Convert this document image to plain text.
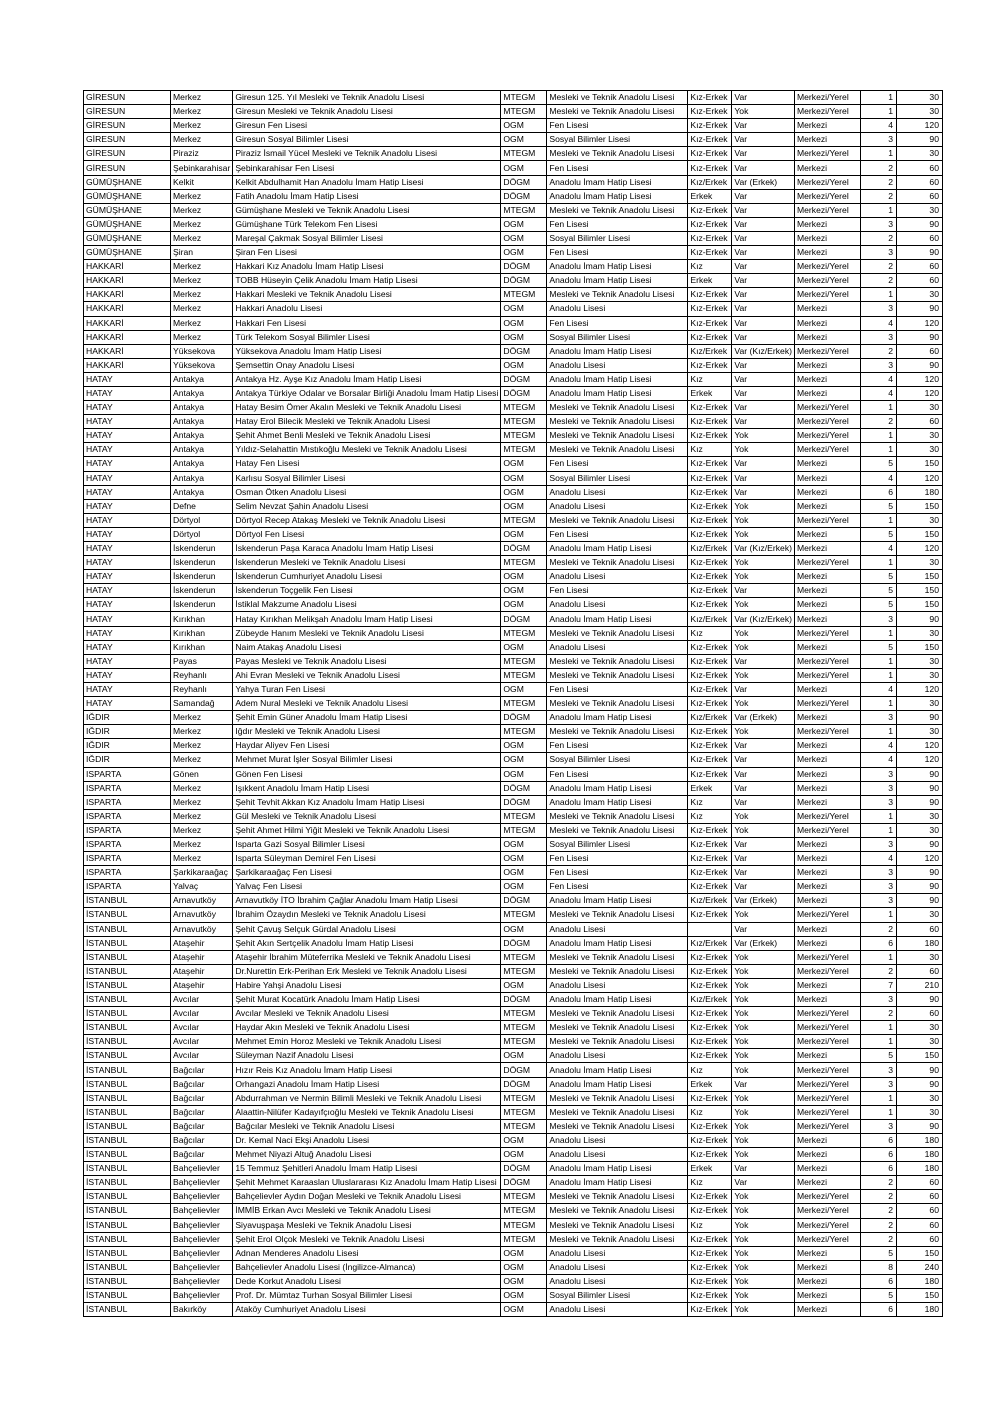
GİRESUN	Merkez	Giresun 125. Yıl Mesleki ve Teknik Anadolu Lisesi	MTEGM	Mesleki ve Teknik Anadolu Lisesi	Kız-Erkek	Var	Merkezi/Yerel	1	30
GİRESUN	Merkez	Giresun Mesleki ve Teknik Anadolu Lisesi	MTEGM	Mesleki ve Teknik Anadolu Lisesi	Kız-Erkek	Yok	Merkezi/Yerel	1	30
GİRESUN	Merkez	Giresun Fen Lisesi	OGM	Fen Lisesi	Kız-Erkek	Var	Merkezi	4	120
GİRESUN	Merkez	Giresun Sosyal Bilimler Lisesi	OGM	Sosyal Bilimler Lisesi	Kız-Erkek	Var	Merkezi	3	90
GİRESUN	Piraziz	Piraziz İsmail Yücel Mesleki ve Teknik Anadolu Lisesi	MTEGM	Mesleki ve Teknik Anadolu Lisesi	Kız-Erkek	Var	Merkezi/Yerel	1	30
GİRESUN	Şebinkarahisar	Şebinkarahisar Fen Lisesi	OGM	Fen Lisesi	Kız-Erkek	Var	Merkezi	2	60
GÜMÜŞHANE	Kelkit	Kelkit Abdulhamit Han Anadolu İmam Hatip Lisesi	DÖGM	Anadolu İmam Hatip Lisesi	Kız/Erkek	Var (Erkek)	Merkezi/Yerel	2	60
GÜMÜŞHANE	Merkez	Fatih Anadolu İmam Hatip Lisesi	DÖGM	Anadolu İmam Hatip Lisesi	Erkek	Var	Merkezi/Yerel	2	60
GÜMÜŞHANE	Merkez	Gümüşhane Mesleki ve Teknik Anadolu Lisesi	MTEGM	Mesleki ve Teknik Anadolu Lisesi	Kız-Erkek	Var	Merkezi/Yerel	1	30
GÜMÜŞHANE	Merkez	Gümüşhane Türk Telekom Fen Lisesi	OGM	Fen Lisesi	Kız-Erkek	Var	Merkezi	3	90
GÜMÜŞHANE	Merkez	Mareşal Çakmak Sosyal Bilimler Lisesi	OGM	Sosyal Bilimler Lisesi	Kız-Erkek	Var	Merkezi	2	60
GÜMÜŞHANE	Şiran	Şiran Fen Lisesi	OGM	Fen Lisesi	Kız-Erkek	Var	Merkezi	3	90
HAKKARİ	Merkez	Hakkari Kız Anadolu İmam Hatip Lisesi	DÖGM	Anadolu İmam Hatip Lisesi	Kız	Var	Merkezi/Yerel	2	60
HAKKARİ	Merkez	TOBB Hüseyin Çelik Anadolu İmam Hatip Lisesi	DÖGM	Anadolu İmam Hatip Lisesi	Erkek	Var	Merkezi/Yerel	2	60
HAKKARİ	Merkez	Hakkari Mesleki ve Teknik Anadolu Lisesi	MTEGM	Mesleki ve Teknik Anadolu Lisesi	Kız-Erkek	Var	Merkezi/Yerel	1	30
HAKKARİ	Merkez	Hakkari Anadolu Lisesi	OGM	Anadolu Lisesi	Kız-Erkek	Var	Merkezi	3	90
HAKKARİ	Merkez	Hakkari Fen Lisesi	OGM	Fen Lisesi	Kız-Erkek	Var	Merkezi	4	120
HAKKARİ	Merkez	Türk Telekom Sosyal Bilimler Lisesi	OGM	Sosyal Bilimler Lisesi	Kız-Erkek	Var	Merkezi	3	90
HAKKARİ	Yüksekova	Yüksekova Anadolu İmam Hatip Lisesi	DÖGM	Anadolu İmam Hatip Lisesi	Kız/Erkek	Var (Kız/Erkek)	Merkezi/Yerel	2	60
HAKKARİ	Yüksekova	Şemsettin Onay Anadolu Lisesi	OGM	Anadolu Lisesi	Kız-Erkek	Var	Merkezi	3	90
HATAY	Antakya	Antakya Hz. Ayşe Kız Anadolu İmam Hatip Lisesi	DÖGM	Anadolu İmam Hatip Lisesi	Kız	Var	Merkezi	4	120
HATAY	Antakya	Antakya Türkiye Odalar ve Borsalar Birliği Anadolu İmam Hatip Lisesi	DÖGM	Anadolu İmam Hatip Lisesi	Erkek	Var	Merkezi	4	120
HATAY	Antakya	Hatay Besim Ömer Akalın Mesleki ve Teknik Anadolu Lisesi	MTEGM	Mesleki ve Teknik Anadolu Lisesi	Kız-Erkek	Var	Merkezi/Yerel	1	30
HATAY	Antakya	Hatay Erol Bilecik Mesleki ve Teknik Anadolu Lisesi	MTEGM	Mesleki ve Teknik Anadolu Lisesi	Kız-Erkek	Var	Merkezi/Yerel	2	60
HATAY	Antakya	Şehit Ahmet Benli Mesleki ve Teknik Anadolu Lisesi	MTEGM	Mesleki ve Teknik Anadolu Lisesi	Kız-Erkek	Yok	Merkezi/Yerel	1	30
HATAY	Antakya	Yıldız-Selahattin Mıstıkoğlu Mesleki ve Teknik Anadolu Lisesi	MTEGM	Mesleki ve Teknik Anadolu Lisesi	Kız	Yok	Merkezi/Yerel	1	30
HATAY	Antakya	Hatay Fen Lisesi	OGM	Fen Lisesi	Kız-Erkek	Var	Merkezi	5	150
HATAY	Antakya	Karlısu Sosyal Bilimler Lisesi	OGM	Sosyal Bilimler Lisesi	Kız-Erkek	Var	Merkezi	4	120
HATAY	Antakya	Osman Ötken Anadolu Lisesi	OGM	Anadolu Lisesi	Kız-Erkek	Var	Merkezi	6	180
HATAY	Defne	Selim Nevzat Şahin Anadolu Lisesi	OGM	Anadolu Lisesi	Kız-Erkek	Yok	Merkezi	5	150
HATAY	Dörtyol	Dörtyol Recep Atakaş Mesleki ve Teknik Anadolu Lisesi	MTEGM	Mesleki ve Teknik Anadolu Lisesi	Kız-Erkek	Yok	Merkezi/Yerel	1	30
HATAY	Dörtyol	Dörtyol Fen Lisesi	OGM	Fen Lisesi	Kız-Erkek	Yok	Merkezi	5	150
HATAY	İskenderun	İskenderun Paşa Karaca Anadolu İmam Hatip Lisesi	DÖGM	Anadolu İmam Hatip Lisesi	Kız/Erkek	Var (Kız/Erkek)	Merkezi	4	120
HATAY	İskenderun	İskenderun Mesleki ve Teknik Anadolu Lisesi	MTEGM	Mesleki ve Teknik Anadolu Lisesi	Kız-Erkek	Yok	Merkezi/Yerel	1	30
HATAY	İskenderun	İskenderun Cumhuriyet Anadolu Lisesi	OGM	Anadolu Lisesi	Kız-Erkek	Yok	Merkezi	5	150
HATAY	İskenderun	İskenderun Toçgelik Fen Lisesi	OGM	Fen Lisesi	Kız-Erkek	Var	Merkezi	5	150
HATAY	İskenderun	İstiklal Makzume Anadolu Lisesi	OGM	Anadolu Lisesi	Kız-Erkek	Yok	Merkezi	5	150
HATAY	Kırıkhan	Hatay Kırıkhan Melikşah Anadolu İmam Hatip Lisesi	DÖGM	Anadolu İmam Hatip Lisesi	Kız/Erkek	Var (Kız/Erkek)	Merkezi	3	90
HATAY	Kırıkhan	Zübeyde Hanım Mesleki ve Teknik Anadolu Lisesi	MTEGM	Mesleki ve Teknik Anadolu Lisesi	Kız	Yok	Merkezi/Yerel	1	30
HATAY	Kırıkhan	Naim Atakaş Anadolu Lisesi	OGM	Anadolu Lisesi	Kız-Erkek	Yok	Merkezi	5	150
HATAY	Payas	Payas Mesleki ve Teknik Anadolu Lisesi	MTEGM	Mesleki ve Teknik Anadolu Lisesi	Kız-Erkek	Var	Merkezi/Yerel	1	30
HATAY	Reyhanlı	Ahi Evran Mesleki ve Teknik Anadolu Lisesi	MTEGM	Mesleki ve Teknik Anadolu Lisesi	Kız-Erkek	Yok	Merkezi/Yerel	1	30
HATAY	Reyhanlı	Yahya Turan Fen Lisesi	OGM	Fen Lisesi	Kız-Erkek	Var	Merkezi	4	120
HATAY	Samandağ	Adem Nural Mesleki ve Teknik Anadolu Lisesi	MTEGM	Mesleki ve Teknik Anadolu Lisesi	Kız-Erkek	Yok	Merkezi/Yerel	1	30
IĞDIR	Merkez	Şehit Emin Güner Anadolu İmam Hatip Lisesi	DÖGM	Anadolu İmam Hatip Lisesi	Kız/Erkek	Var (Erkek)	Merkezi	3	90
IĞDIR	Merkez	Iğdır Mesleki ve Teknik Anadolu Lisesi	MTEGM	Mesleki ve Teknik Anadolu Lisesi	Kız-Erkek	Yok	Merkezi/Yerel	1	30
IĞDIR	Merkez	Haydar Aliyev Fen Lisesi	OGM	Fen Lisesi	Kız-Erkek	Var	Merkezi	4	120
IĞDIR	Merkez	Mehmet Murat İşler Sosyal Bilimler Lisesi	OGM	Sosyal Bilimler Lisesi	Kız-Erkek	Var	Merkezi	4	120
ISPARTA	Gönen	Gönen Fen Lisesi	OGM	Fen Lisesi	Kız-Erkek	Var	Merkezi	3	90
ISPARTA	Merkez	Işıkkent Anadolu İmam Hatip Lisesi	DÖGM	Anadolu İmam Hatip Lisesi	Erkek	Var	Merkezi	3	90
ISPARTA	Merkez	Şehit Tevhit Akkan Kız Anadolu İmam Hatip Lisesi	DÖGM	Anadolu İmam Hatip Lisesi	Kız	Var	Merkezi	3	90
ISPARTA	Merkez	Gül Mesleki ve Teknik Anadolu Lisesi	MTEGM	Mesleki ve Teknik Anadolu Lisesi	Kız	Yok	Merkezi/Yerel	1	30
ISPARTA	Merkez	Şehit Ahmet Hilmi Yiğit Mesleki ve Teknik Anadolu Lisesi	MTEGM	Mesleki ve Teknik Anadolu Lisesi	Kız-Erkek	Yok	Merkezi/Yerel	1	30
ISPARTA	Merkez	Isparta Gazi Sosyal Bilimler Lisesi	OGM	Sosyal Bilimler Lisesi	Kız-Erkek	Var	Merkezi	3	90
ISPARTA	Merkez	Isparta Süleyman Demirel Fen Lisesi	OGM	Fen Lisesi	Kız-Erkek	Var	Merkezi	4	120
ISPARTA	Şarkikaraağaç	Şarkikaraağaç Fen Lisesi	OGM	Fen Lisesi	Kız-Erkek	Var	Merkezi	3	90
ISPARTA	Yalvaç	Yalvaç Fen Lisesi	OGM	Fen Lisesi	Kız-Erkek	Var	Merkezi	3	90
İSTANBUL	Arnavutköy	Arnavutköy İTO İbrahim Çağlar Anadolu İmam Hatip Lisesi	DÖGM	Anadolu İmam Hatip Lisesi	Kız/Erkek	Var (Erkek)	Merkezi	3	90
İSTANBUL	Arnavutköy	İbrahim Özaydın Mesleki ve Teknik Anadolu Lisesi	MTEGM	Mesleki ve Teknik Anadolu Lisesi	Kız-Erkek	Yok	Merkezi/Yerel	1	30
İSTANBUL	Arnavutköy	Şehit Çavuş Selçuk Gürdal Anadolu Lisesi	OGM	Anadolu Lisesi		Var	Merkezi	2	60
İSTANBUL	Ataşehir	Şehit Akın Sertçelik Anadolu İmam Hatip Lisesi	DÖGM	Anadolu İmam Hatip Lisesi	Kız/Erkek	Var (Erkek)	Merkezi	6	180
İSTANBUL	Ataşehir	Ataşehir İbrahim Müteferrika Mesleki ve Teknik Anadolu Lisesi	MTEGM	Mesleki ve Teknik Anadolu Lisesi	Kız-Erkek	Yok	Merkezi/Yerel	1	30
İSTANBUL	Ataşehir	Dr.Nurettin Erk-Perihan Erk Mesleki ve Teknik Anadolu Lisesi	MTEGM	Mesleki ve Teknik Anadolu Lisesi	Kız-Erkek	Yok	Merkezi/Yerel	2	60
İSTANBUL	Ataşehir	Habire Yahşi Anadolu Lisesi	OGM	Anadolu Lisesi	Kız-Erkek	Yok	Merkezi	7	210
İSTANBUL	Avcılar	Şehit Murat Kocatürk Anadolu İmam Hatip Lisesi	DÖGM	Anadolu İmam Hatip Lisesi	Kız/Erkek	Yok	Merkezi	3	90
İSTANBUL	Avcılar	Avcılar Mesleki ve Teknik Anadolu Lisesi	MTEGM	Mesleki ve Teknik Anadolu Lisesi	Kız-Erkek	Yok	Merkezi/Yerel	2	60
İSTANBUL	Avcılar	Haydar Akın Mesleki ve Teknik Anadolu Lisesi	MTEGM	Mesleki ve Teknik Anadolu Lisesi	Kız-Erkek	Yok	Merkezi/Yerel	1	30
İSTANBUL	Avcılar	Mehmet Emin Horoz Mesleki ve Teknik Anadolu Lisesi	MTEGM	Mesleki ve Teknik Anadolu Lisesi	Kız-Erkek	Yok	Merkezi/Yerel	1	30
İSTANBUL	Avcılar	Süleyman Nazif Anadolu Lisesi	OGM	Anadolu Lisesi	Kız-Erkek	Yok	Merkezi	5	150
İSTANBUL	Bağcılar	Hızır Reis Kız Anadolu İmam Hatip Lisesi	DÖGM	Anadolu İmam Hatip Lisesi	Kız	Yok	Merkezi/Yerel	3	90
İSTANBUL	Bağcılar	Orhangazi Anadolu İmam Hatip Lisesi	DÖGM	Anadolu İmam Hatip Lisesi	Erkek	Var	Merkezi/Yerel	3	90
İSTANBUL	Bağcılar	Abdurrahman ve Nermin Bilimli Mesleki ve Teknik Anadolu Lisesi	MTEGM	Mesleki ve Teknik Anadolu Lisesi	Kız-Erkek	Yok	Merkezi/Yerel	1	30
İSTANBUL	Bağcılar	Alaattin-Nilüfer Kadayıfçıoğlu Mesleki ve Teknik Anadolu Lisesi	MTEGM	Mesleki ve Teknik Anadolu Lisesi	Kız	Yok	Merkezi/Yerel	1	30
İSTANBUL	Bağcılar	Bağcılar Mesleki ve Teknik Anadolu Lisesi	MTEGM	Mesleki ve Teknik Anadolu Lisesi	Kız-Erkek	Yok	Merkezi/Yerel	3	90
İSTANBUL	Bağcılar	Dr. Kemal Naci Ekşi Anadolu Lisesi	OGM	Anadolu Lisesi	Kız-Erkek	Yok	Merkezi	6	180
İSTANBUL	Bağcılar	Mehmet Niyazi Altuğ Anadolu Lisesi	OGM	Anadolu Lisesi	Kız-Erkek	Yok	Merkezi	6	180
İSTANBUL	Bahçelievler	15 Temmuz Şehitleri Anadolu İmam Hatip Lisesi	DÖGM	Anadolu İmam Hatip Lisesi	Erkek	Var	Merkezi	6	180
İSTANBUL	Bahçelievler	Şehit Mehmet Karaaslan Uluslararası Kız Anadolu İmam Hatip Lisesi	DÖGM	Anadolu İmam Hatip Lisesi	Kız	Var	Merkezi	2	60
İSTANBUL	Bahçelievler	Bahçelievler Aydın Doğan Mesleki ve Teknik Anadolu Lisesi	MTEGM	Mesleki ve Teknik Anadolu Lisesi	Kız-Erkek	Yok	Merkezi/Yerel	2	60
İSTANBUL	Bahçelievler	İMMİB Erkan Avcı Mesleki ve Teknik Anadolu Lisesi	MTEGM	Mesleki ve Teknik Anadolu Lisesi	Kız-Erkek	Yok	Merkezi/Yerel	2	60
İSTANBUL	Bahçelievler	Siyavuşpaşa Mesleki ve Teknik Anadolu Lisesi	MTEGM	Mesleki ve Teknik Anadolu Lisesi	Kız	Yok	Merkezi/Yerel	2	60
İSTANBUL	Bahçelievler	Şehit Erol Olçok Mesleki ve Teknik Anadolu Lisesi	MTEGM	Mesleki ve Teknik Anadolu Lisesi	Kız-Erkek	Yok	Merkezi/Yerel	2	60
İSTANBUL	Bahçelievler	Adnan Menderes Anadolu Lisesi	OGM	Anadolu Lisesi	Kız-Erkek	Yok	Merkezi	5	150
İSTANBUL	Bahçelievler	Bahçelievler Anadolu Lisesi (İngilizce-Almanca)	OGM	Anadolu Lisesi	Kız-Erkek	Yok	Merkezi	8	240
İSTANBUL	Bahçelievler	Dede Korkut Anadolu Lisesi	OGM	Anadolu Lisesi	Kız-Erkek	Yok	Merkezi	6	180
İSTANBUL	Bahçelievler	Prof. Dr. Mümtaz Turhan Sosyal Bilimler Lisesi	OGM	Sosyal Bilimler Lisesi	Kız-Erkek	Yok	Merkezi	5	150
İSTANBUL	Bakırköy	Ataköy Cumhuriyet Anadolu Lisesi	OGM	Anadolu Lisesi	Kız-Erkek	Yok	Merkezi	6	180
